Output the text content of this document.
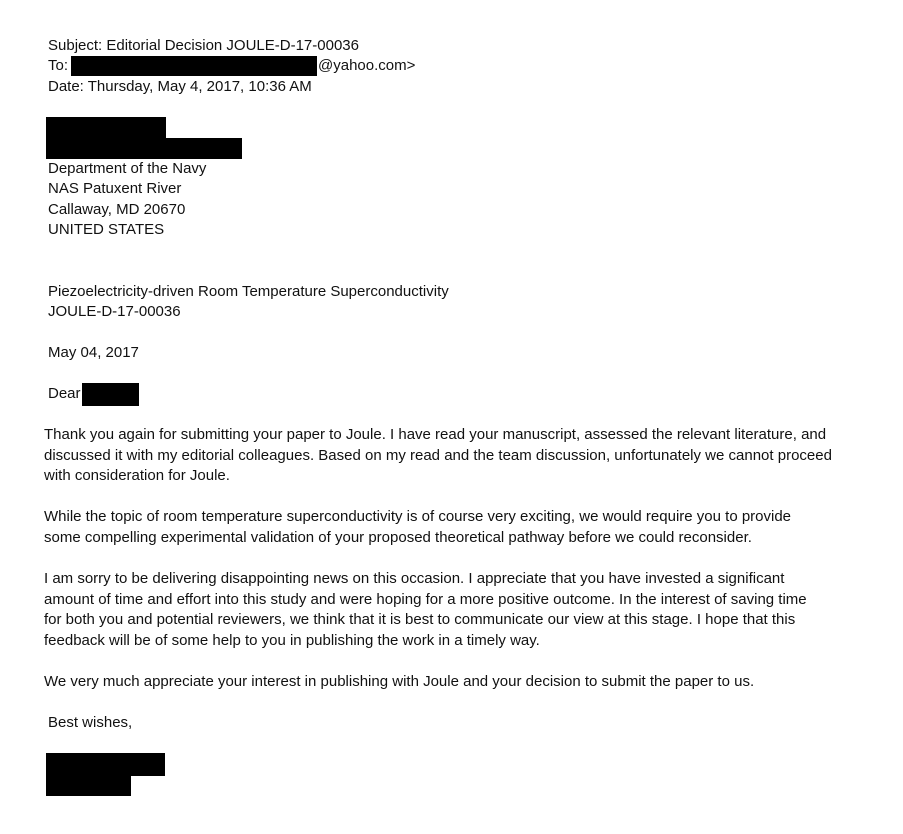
Subject: Editorial Decision JOULE-D-17-00036
To:	@yahoo.com>
Date: Thursday, May 4, 2017, 10:36 AM
Department of the Navy
NAS Patuxent River
Callaway, MD 20670
UNITED STATES
Piezoelectricity-driven Room Temperature Superconductivity
JOULE-D-17-00036
May 04, 2017
Dear
Thank you again for submitting your paper to Joule. I have read your manuscript, assessed the relevant literature, and
discussed it with my editorial colleagues. Based on my read and the team discussion, unfortunately we cannot proceed
with consideration for Joule.
While the topic of room temperature superconductivity is of course very exciting, we would require you to provide
some compelling experimental validation of your proposed theoretical pathway before we could reconsider.
I am sorry to be delivering disappointing news on this occasion. I appreciate that you have invested a significant
amount of time and effort into this study and were hoping for a more positive outcome. In the interest of saving time
for both you and potential reviewers, we think that it is best to communicate our view at this stage. I hope that this
feedback will be of some help to you in publishing the work in a timely way.
We very much appreciate your interest in publishing with Joule and your decision to submit the paper to us.
Best wishes,
